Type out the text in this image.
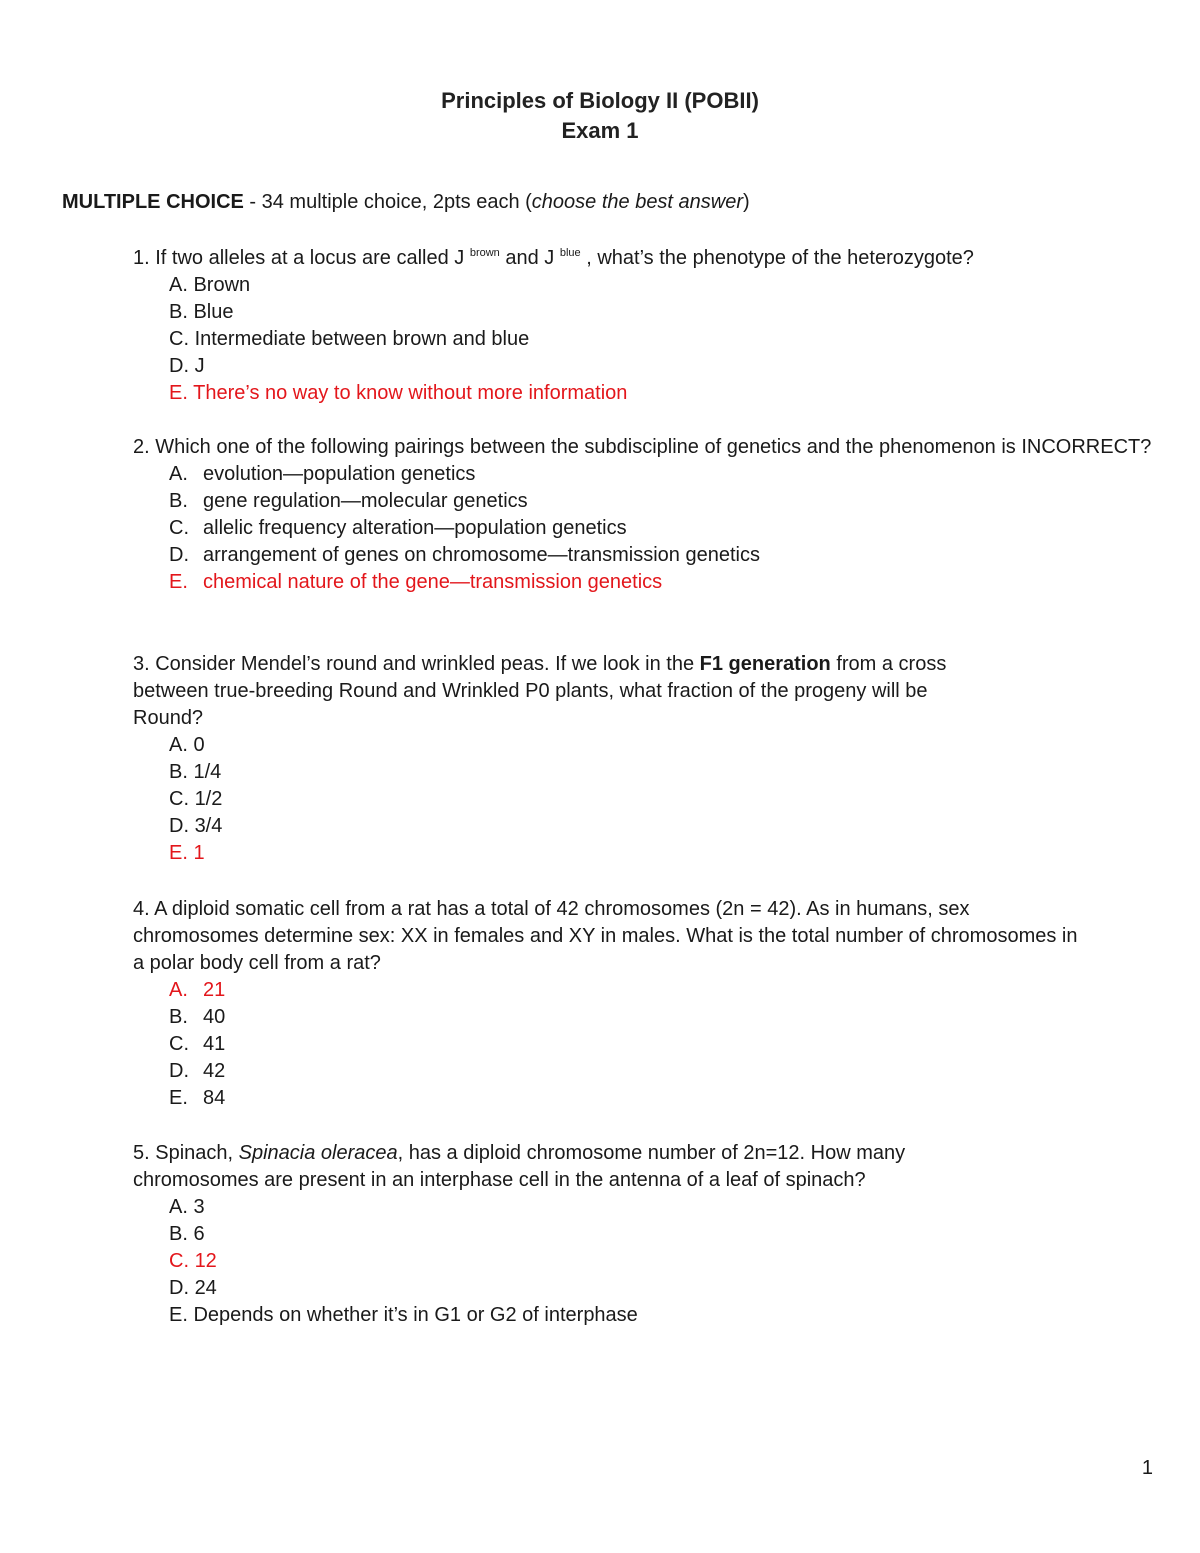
Principles of Biology II (POBII)
Exam 1
MULTIPLE CHOICE - 34 multiple choice, 2pts each (choose the best answer)

1. If two alleles at a locus are called J $^{brown}$ and J $^{blue}$ , what’s the phenotype of the heterozygote?

A. Brown
B. Blue
C. Intermediate between brown and blue
D. J
E. There’s no way to know without more information

2. Which one of the following pairings between the subdiscipline of genetics and the phenomenon is INCORRECT?

A. evolution—population genetics
B. gene regulation—molecular genetics
C. allelic frequency alteration—population genetics
D. arrangement of genes on chromosome—transmission genetics
E. chemical nature of the gene—transmission genetics

3. Consider Mendel’s round and wrinkled peas. If we look in the F1 generation from a cross
between true-breeding Round and Wrinkled P0 plants, what fraction of the progeny will be
Round?

A. 0
B. 1/4
C. 1/2
D. 3/4
E. 1

4. A diploid somatic cell from a rat has a total of 42 chromosomes (2n = 42). As in humans, sex
chromosomes determine sex: XX in females and XY in males. What is the total number of chromosomes in
a polar body cell from a rat?

A. 21
B. 40
C. 41
D. 42
E. 84

5. Spinach, Spinacia oleracea, has a diploid chromosome number of 2n=12. How many
chromosomes are present in an interphase cell in the antenna of a leaf of spinach?

A. 3
B. 6
C. 12
D. 24
E. Depends on whether it’s in G1 or G2 of interphase
1
